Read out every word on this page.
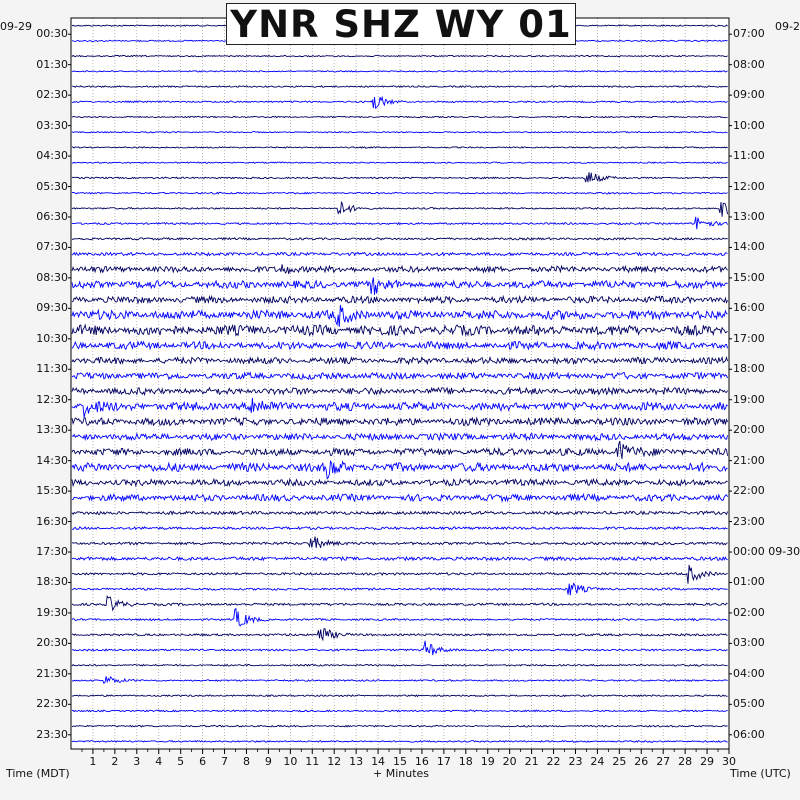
YNR SHZ WY 01
09-29	09-2
Time (MDT)	+ Minutes	Time (UTC)
1 2 3 4 5 6 7 8 9 10 11 12 13 14 15 16 17 18 19 20 21 22 23 24 25 26 27 28 29 30
00:30
01:30
02:30
03:30
04:30
05:30
06:30
07:30
08:30
09:30
10:30
11:30
12:30
13:30
14:30
15:30
16:30
17:30
18:30
19:30
20:30
21:30
22:30
23:30
07:00
08:00
09:00
10:00
11:00
12:00
13:00
14:00
15:00
16:00
17:00
18:00
19:00
20:00
21:00
22:00
23:00
00:00 09-30
01:00
02:00
03:00
04:00
05:00
06:00
